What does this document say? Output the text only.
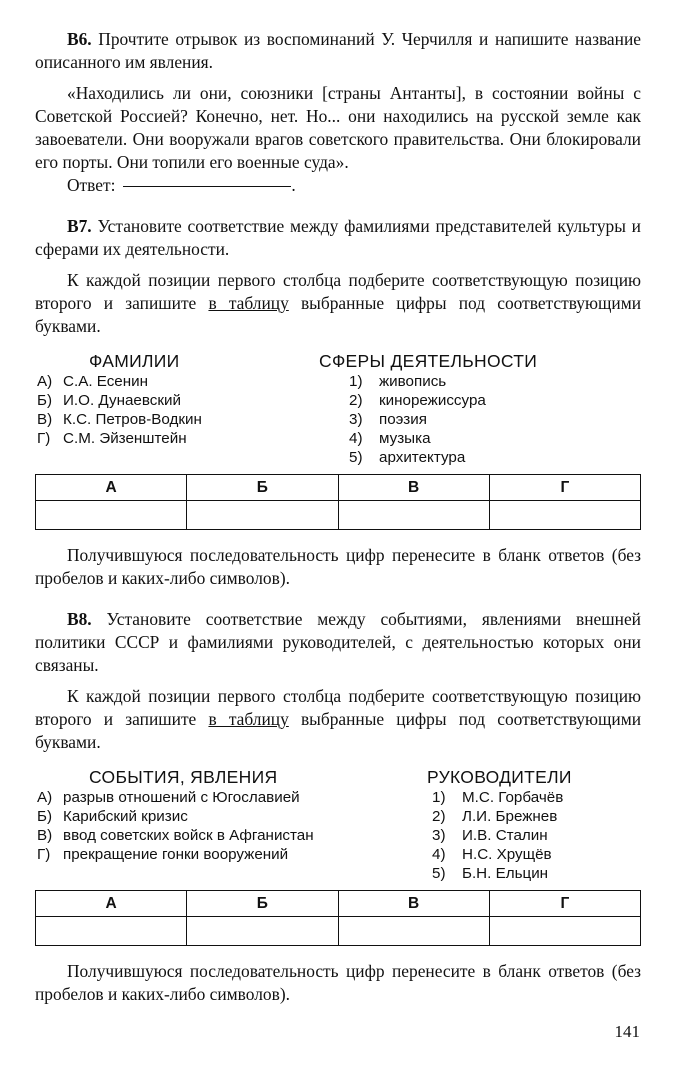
В6. Прочтите отрывок из воспоминаний У. Черчилля и напишите название описанного им явления.

«Находились ли они, союзники [страны Антанты], в состоянии войны с Советской Россией? Конечно, нет. Но... они находились на русской земле как завоеватели. Они вооружали врагов советского правительства. Они блокировали его порты. Они топили его военные суда».

Ответ:	.

В7. Установите соответствие между фамилиями представителей культуры и сферами их деятельности.

К каждой позиции первого столбца подберите соответствующую позицию второго и запишите в таблицу выбранные цифры под соответствующими буквами.

ФАМИЛИИ
А) С.А. Есенин
Б) И.О. Дунаевский
В) К.С. Петров-Водкин
Г) С.М. Эйзенштейн
СФЕРЫ ДЕЯТЕЛЬНОСТИ
1) живопись
2) кинорежиссура
3) поэзия
4) музыка
5) архитектура
А	Б	В	Г

Получившуюся последовательность цифр перенесите в бланк ответов (без пробелов и каких-либо символов).

В8. Установите соответствие между событиями, явлениями внешней политики СССР и фамилиями руководителей, с деятельностью которых они связаны.

К каждой позиции первого столбца подберите соответствующую позицию второго и запишите в таблицу выбранные цифры под соответствующими буквами.

СОБЫТИЯ, ЯВЛЕНИЯ
А) разрыв отношений с Югославией
Б) Карибский кризис
В) ввод советских войск в Афганистан
Г) прекращение гонки вооружений
РУКОВОДИТЕЛИ
1) М.С. Горбачёв
2) Л.И. Брежнев
3) И.В. Сталин
4) Н.С. Хрущёв
5) Б.Н. Ельцин
А	Б	В	Г

Получившуюся последовательность цифр перенесите в бланк ответов (без пробелов и каких-либо символов).

141
